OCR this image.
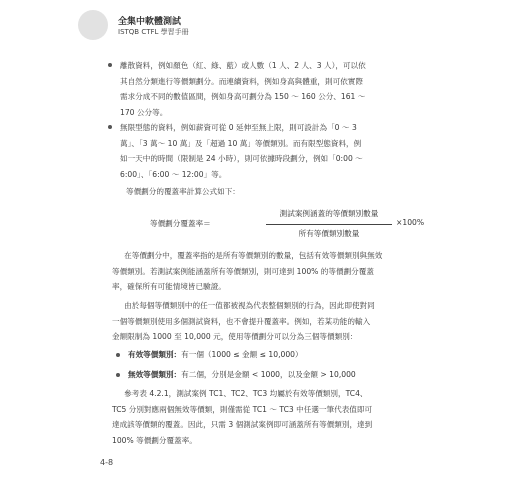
全集中軟體測試
ISTQB CTFL 學習手冊
離散資料，例如顏色（紅、綠、藍）或人數（1 人、2 人、3 人），可以依
其自然分類進行等價類劃分。而連續資料，例如身高與體重，則可依實際
需求分成不同的數值區間，例如身高可劃分為 150 ～ 160 公分、161 ～
170 公分等。
無限型態的資料，例如薪資可從 0 延伸至無上限，則可設計為「0 ～ 3
萬」、「3 萬～ 10 萬」及「超過 10 萬」等價類別。而有限型態資料，例
如一天中的時間（限制是 24 小時），則可依據時段劃分，例如「0:00 ～
6:00」、「6:00 ～ 12:00」等。
等價劃分的覆蓋率計算公式如下：
等價劃分覆蓋率＝
測試案例涵蓋的等價類別數量
所有等價類別數量
×100%
在等價劃分中，覆蓋率指的是所有等價類別的數量，包括有效等價類別與無效
等價類別。若測試案例能涵蓋所有等價類別，則可達到 100% 的等價劃分覆蓋
率，確保所有可能情境皆已驗證。
由於每個等價類別中的任一值都被視為代表整個類別的行為，因此即使對同
一個等價類別使用多個測試資料，也不會提升覆蓋率。例如，若某功能的輸入
金額限制為 1000 至 10,000 元，使用等價劃分可以分為三個等價類別：
有效等價類別：有一個（1000 ≤ 金額 ≤ 10,000）
無效等價類別：有二個，分別是金額 < 1000，以及金額 > 10,000
參考表 4.2.1，測試案例 TC1、TC2、TC3 均屬於有效等價類別，TC4、
TC5 分別對應兩個無效等價類，則僅需從 TC1 ～ TC3 中任選一筆代表值即可
達成該等價類的覆蓋。因此，只需 3 個測試案例即可涵蓋所有等價類別，達到
100% 等價劃分覆蓋率。
4-8
